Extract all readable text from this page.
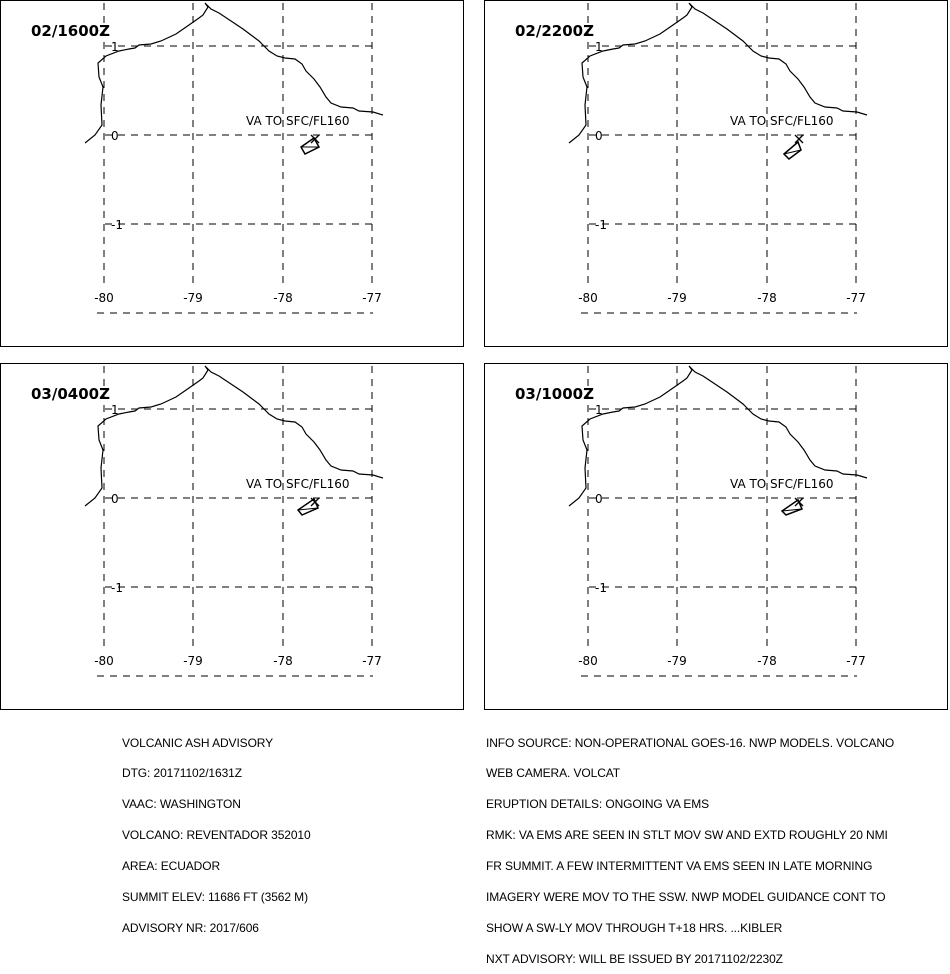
02/1600Z
1
0
-1
-80	-79	-78	-77
VA TO SFC/FL160
02/2200Z
1
0
-1
-80	-79	-78	-77
VA TO SFC/FL160
03/0400Z
1
0
-1
-80	-79	-78	-77
VA TO SFC/FL160
03/1000Z
1
0
-1
-80	-79	-78	-77
VA TO SFC/FL160

VOLCANIC ASH ADVISORY

DTG: 20171102/1631Z

VAAC: WASHINGTON

VOLCANO: REVENTADOR 352010

AREA: ECUADOR

SUMMIT ELEV: 11686 FT (3562 M)

ADVISORY NR: 2017/606

INFO SOURCE: NON-OPERATIONAL GOES-16. NWP MODELS. VOLCANO

WEB CAMERA. VOLCAT

ERUPTION DETAILS: ONGOING VA EMS

RMK: VA EMS ARE SEEN IN STLT MOV SW AND EXTD ROUGHLY 20 NMI

FR SUMMIT. A FEW INTERMITTENT VA EMS SEEN IN LATE MORNING

IMAGERY WERE MOV TO THE SSW. NWP MODEL GUIDANCE CONT TO

SHOW A SW-LY MOV THROUGH T+18 HRS. ...KIBLER

NXT ADVISORY: WILL BE ISSUED BY 20171102/2230Z
